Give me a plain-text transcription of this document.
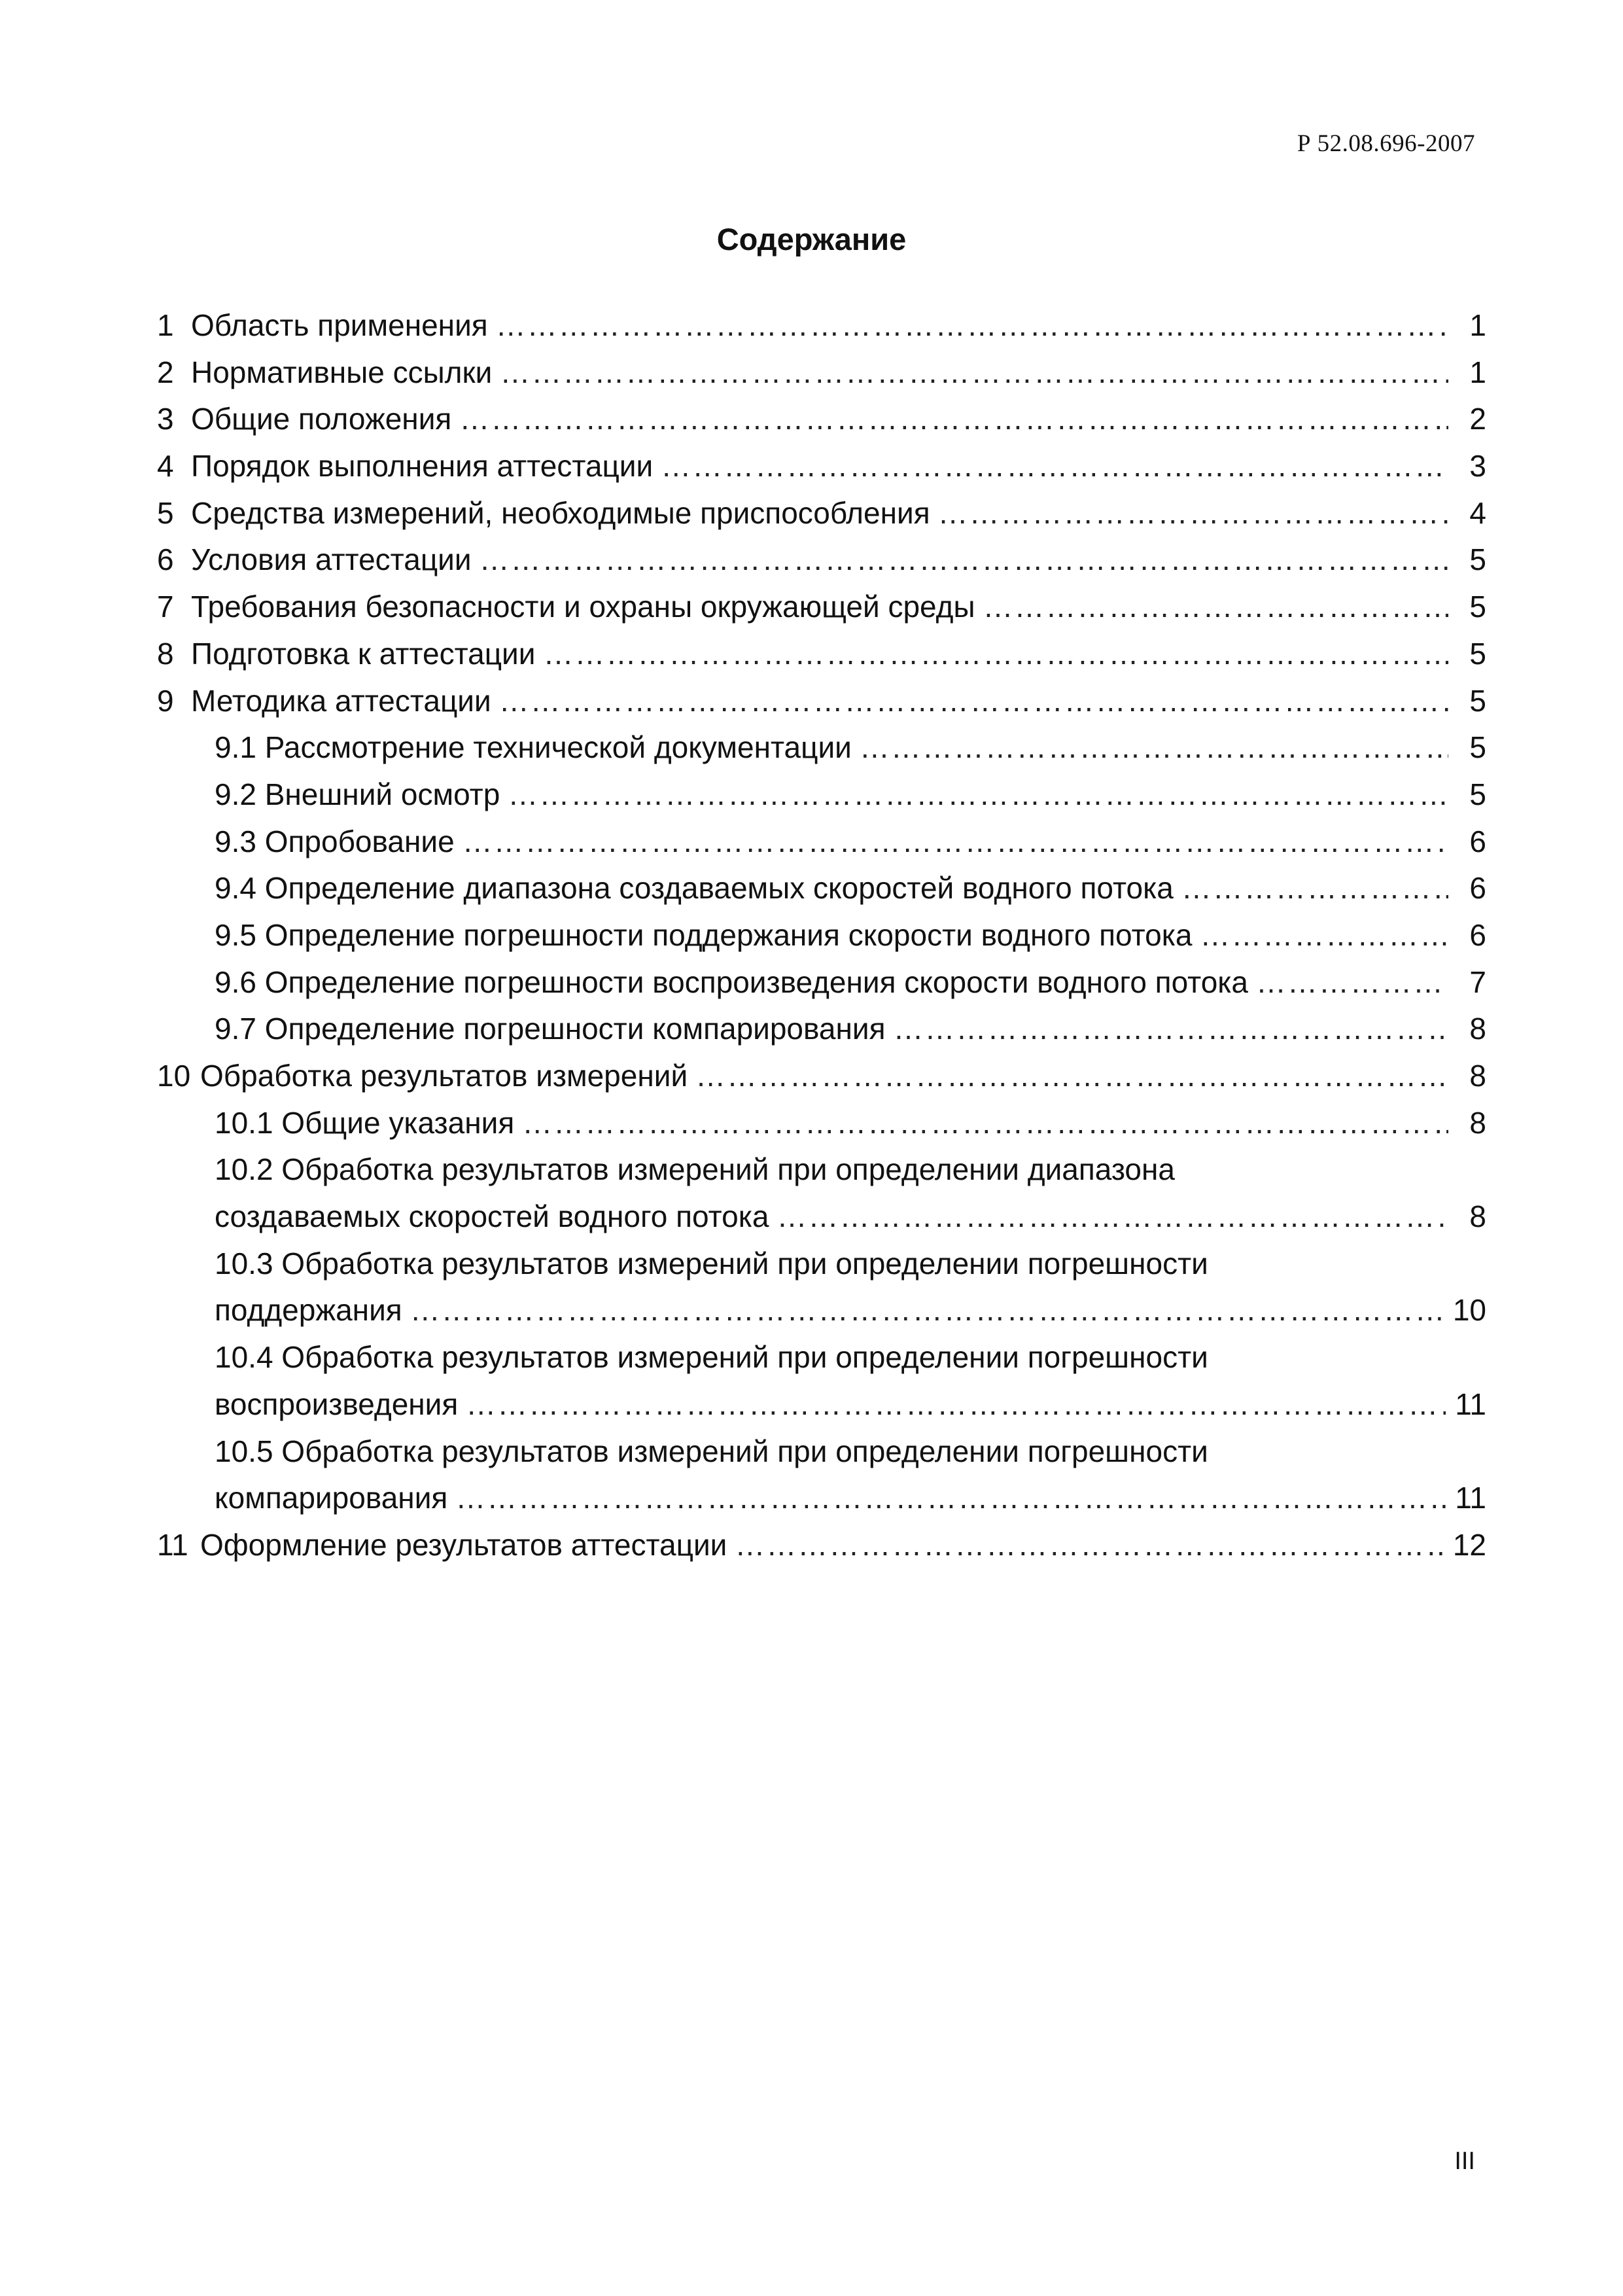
Р 52.08.696-2007
Содержание
1 Область применения …………………………………………………………………………………………………………………………………………………………………………………………	1
2 Нормативные ссылки …………………………………………………………………………………………………………………………………………………………………………………………	1
3 Общие положения …………………………………………………………………………………………………………………………………………………………………………………………	2
4 Порядок выполнения аттестации …………………………………………………………………………………………………………………………………………………………………………………………	3
5 Средства измерений, необходимые приспособления …………………………………………………………………………………………………………………………………………………………………………………………	4
6 Условия аттестации …………………………………………………………………………………………………………………………………………………………………………………………	5
7 Требования безопасности и охраны окружающей среды …………………………………………………………………………………………………………………………………………………………………………………………	5
8 Подготовка к аттестации …………………………………………………………………………………………………………………………………………………………………………………………	5
9 Методика аттестации …………………………………………………………………………………………………………………………………………………………………………………………	5
9.1 Рассмотрение технической документации …………………………………………………………………………………………………………………………………………………………………………………………	5
9.2 Внешний осмотр …………………………………………………………………………………………………………………………………………………………………………………………	5
9.3 Опробование …………………………………………………………………………………………………………………………………………………………………………………………	6
9.4 Определение диапазона создаваемых скоростей водного потока …………………………………………………………………………………………………………………………………………………………………………………………	6
9.5 Определение погрешности поддержания скорости водного потока …………………………………………………………………………………………………………………………………………………………………………………………	6
9.6 Определение погрешности воспроизведения скорости водного потока …………………………………………………………………………………………………………………………………………………………………………………………	7
9.7 Определение погрешности компарирования …………………………………………………………………………………………………………………………………………………………………………………………	8
10 Обработка результатов измерений …………………………………………………………………………………………………………………………………………………………………………………………	8
10.1 Общие указания …………………………………………………………………………………………………………………………………………………………………………………………	8
10.2 Обработка результатов измерений при определении диапазона
создаваемых скоростей водного потока …………………………………………………………………………………………………………………………………………………………………………………………	8
10.3 Обработка результатов измерений при определении погрешности
поддержания …………………………………………………………………………………………………………………………………………………………………………………………	10
10.4 Обработка результатов измерений при определении погрешности
воспроизведения …………………………………………………………………………………………………………………………………………………………………………………………	11
10.5 Обработка результатов измерений при определении погрешности
компарирования …………………………………………………………………………………………………………………………………………………………………………………………	11
11 Оформление результатов аттестации …………………………………………………………………………………………………………………………………………………………………………………………	12
III
